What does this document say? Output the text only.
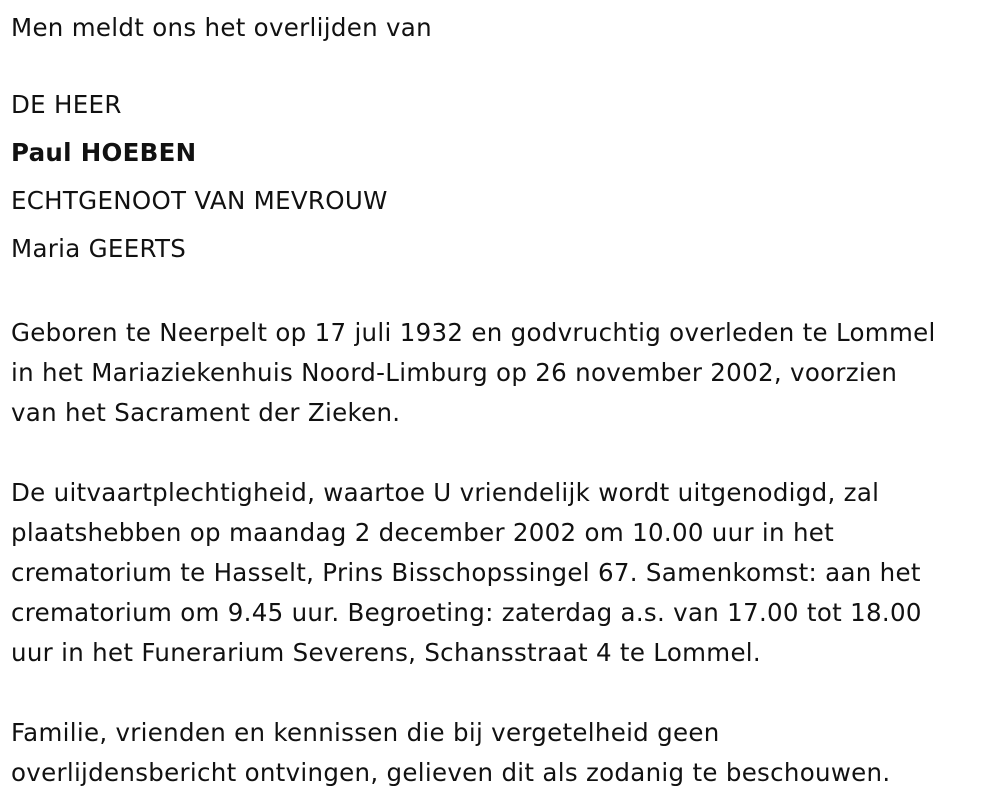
Men meldt ons het overlijden van
DE HEER
Paul HOEBEN
ECHTGENOOT VAN MEVROUW
Maria GEERTS
Geboren te Neerpelt op 17 juli 1932 en godvruchtig overleden te Lommel
in het Mariaziekenhuis Noord-Limburg op 26 november 2002, voorzien
van het Sacrament der Zieken.
De uitvaartplechtigheid, waartoe U vriendelijk wordt uitgenodigd, zal
plaatshebben op maandag 2 december 2002 om 10.00 uur in het
crematorium te Hasselt, Prins Bisschopssingel 67. Samenkomst: aan het
crematorium om 9.45 uur. Begroeting: zaterdag a.s. van 17.00 tot 18.00
uur in het Funerarium Severens, Schansstraat 4 te Lommel.
Familie, vrienden en kennissen die bij vergetelheid geen
overlijdensbericht ontvingen, gelieven dit als zodanig te beschouwen.
